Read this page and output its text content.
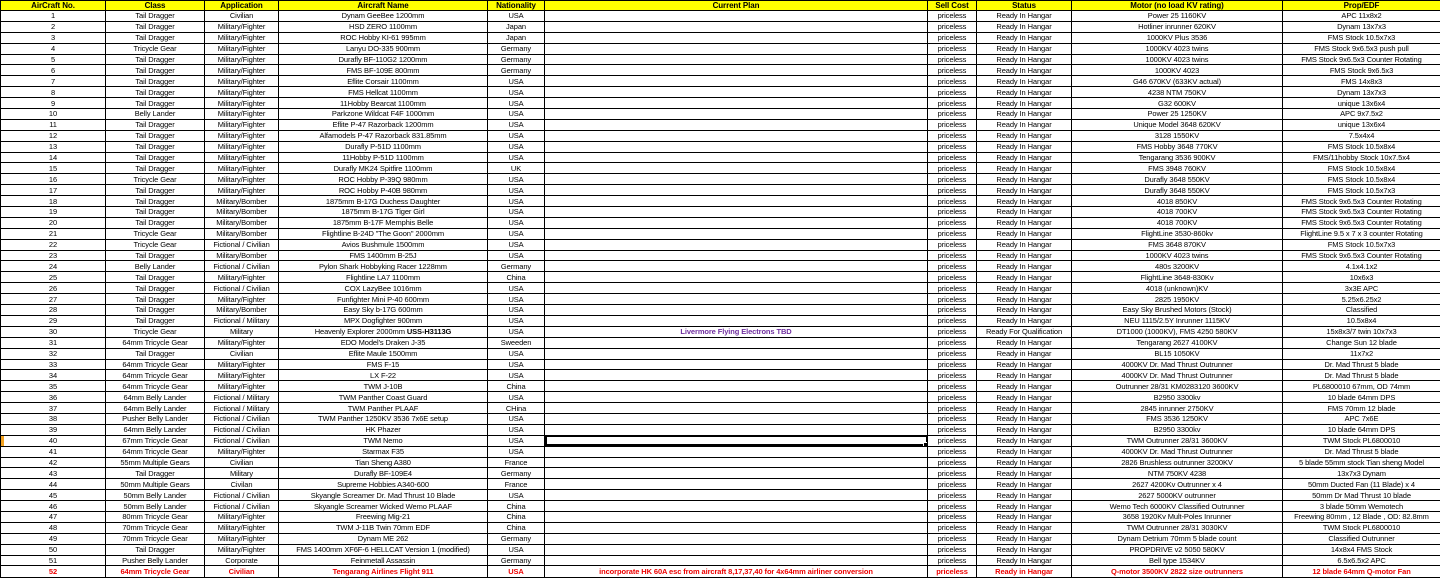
AirCraft No.	Class	Application	Aircraft Name	Nationality	Current Plan	Sell Cost	Status	Motor (no load KV rating)	Prop/EDF
1	Tail Dragger	Civilian	Dynam GeeBee 1200mm	USA		priceless	Ready In Hangar	Power 25 1160KV	APC 11x8x2
2	Tail Dragger	Military/Fighter	HSD ZERO 1100mm	Japan		priceless	Ready In Hangar	Hotliner inrunner 620KV	Dynam 13x7x3
3	Tail Dragger	Military/Fighter	ROC Hobby KI-61 995mm	Japan		priceless	Ready In Hangar	1000KV Plus 3536	FMS Stock 10.5x7x3
4	Tricycle Gear	Military/Fighter	Lanyu DO-335 900mm	Germany		priceless	Ready In Hangar	1000KV 4023 twins	FMS Stock 9x6.5x3 push pull
5	Tail Dragger	Military/Fighter	Durafly BF-110G2 1200mm	Germany		priceless	Ready In Hangar	1000KV 4023 twins	FMS Stock 9x6.5x3 Counter Rotating
6	Tail Dragger	Military/Fighter	FMS BF-109E 800mm	Germany		priceless	Ready In Hangar	1000KV 4023	FMS Stock 9x6.5x3
7	Tail Dragger	Military/Fighter	Eflite Corsair 1100mm	USA		priceless	Ready In Hangar	G46 670KV (633KV actual)	FMS 14x8x3
8	Tail Dragger	Military/Fighter	FMS Hellcat 1100mm	USA		priceless	Ready In Hangar	4238 NTM 750KV	Dynam 13x7x3
9	Tail Dragger	Military/Fighter	11Hobby Bearcat 1100mm	USA		priceless	Ready In Hangar	G32 600KV	unique 13x6x4
10	Belly Lander	Military/Fighter	Parkzone Wildcat F4F 1000mm	USA		priceless	Ready In Hangar	Power 25 1250KV	APC 9x7.5x2
11	Tail Dragger	Military/Fighter	Eflite P-47 Razorback 1200mm	USA		priceless	Ready In Hangar	Unique Model 3648 620KV	unique 13x6x4
12	Tail Dragger	Military/Fighter	Alfamodels P-47 Razorback 831.85mm	USA		priceless	Ready In Hangar	3128 1550KV	7.5x4x4
13	Tail Dragger	Military/Fighter	Durafly P-51D 1100mm	USA		priceless	Ready In Hangar	FMS Hobby 3648 770KV	FMS Stock 10.5x8x4
14	Tail Dragger	Military/Fighter	11Hobby P-51D 1100mm	USA		priceless	Ready In Hangar	Tengarang 3536 900KV	FMS/11hobby Stock 10x7.5x4
15	Tail Dragger	Military/Fighter	Durafly MK24 Spitfire 1100mm	UK		priceless	Ready In Hangar	FMS 3948 760KV	FMS Stock 10.5x8x4
16	Tricycle Gear	Military/Fighter	ROC Hobby P-39Q 980mm	USA		priceless	Ready In Hangar	Durafly 3648 550KV	FMS Stock 10.5x8x4
17	Tail Dragger	Military/Fighter	ROC Hobby P-40B 980mm	USA		priceless	Ready In Hangar	Durafly 3648 550KV	FMS Stock 10.5x7x3
18	Tail Dragger	Military/Bomber	1875mm B-17G Duchess Daughter	USA		priceless	Ready In Hangar	4018 850KV	FMS Stock 9x6.5x3 Counter Rotating
19	Tail Dragger	Military/Bomber	1875mm B-17G Tiger Girl	USA		priceless	Ready In Hangar	4018 700KV	FMS Stock 9x6.5x3 Counter Rotating
20	Tail Dragger	Military/Bomber	1875mm B-17F Memphis Belle	USA		priceless	Ready In Hangar	4018 700KV	FMS Stock 9x6.5x3 Counter Rotating
21	Tricycle Gear	Military/Bomber	Flightline B-24D "The Goon" 2000mm	USA		priceless	Ready In Hangar	FlightLine 3530-860kv	FlightLine 9.5 x 7 x 3 counter Rotating
22	Tricycle Gear	Fictional / Civilian	Avios Bushmule 1500mm	USA		priceless	Ready In Hangar	FMS 3648 870KV	FMS Stock 10.5x7x3
23	Tail Dragger	Military/Bomber	FMS 1400mm B-25J	USA		priceless	Ready In Hangar	1000KV 4023 twins	FMS Stock 9x6.5x3 Counter Rotating
24	Belly Lander	Fictional / Civilian	Pylon Shark Hobbyking Racer 1228mm	Germany		priceless	Ready In Hangar	480s 3200KV	4.1x4.1x2
25	Tail Dragger	Military/Fighter	Flightline LA7 1100mm	China		priceless	Ready In Hangar	FlightLine 3648-830Kv	10x6x3
26	Tail Dragger	Fictional / Civilian	COX LazyBee 1016mm	USA		priceless	Ready In Hangar	4018 (unknown)KV	3x3E APC
27	Tail Dragger	Military/Fighter	Funfighter Mini P-40 600mm	USA		priceless	Ready In Hangar	2825 1950KV	5.25x6.25x2
28	Tail Dragger	Military/Bomber	Easy Sky b-17G 600mm	USA		priceless	Ready In Hangar	Easy Sky Brushed Motors (Stock)	Classified
29	Tail Dragger	Fictional / Military	MPX Dogfighter 900mm	USA		priceless	Ready In Hangar	NEU 1115/2.5Y Inrunner 1115KV	10.5x8x4
30	Tricycle Gear	Military	Heavenly Explorer 2000mm USS-H3113G	USA	Livermore Flying Electrons TBD	priceless	Ready For Qualification	DT1000 (1000KV), FMS 4250 580KV	15x8x3/7 twin 10x7x3
31	64mm Tricycle Gear	Military/Fighter	EDO Model's Draken J-35	Sweeden		priceless	Ready In Hangar	Tengarang 2627 4100KV	Change Sun 12 blade
32	Tail Dragger	Civilian	Eflite Maule 1500mm	USA		priceless	Ready in Hangar	BL15 1050KV	11x7x2
33	64mm Tricycle Gear	Military/Fighter	FMS F-15	USA		priceless	Ready In Hangar	4000KV Dr. Mad Thrust Outrunner	Dr. Mad Thrust 5 blade
34	64mm Tricycle Gear	Military/Fighter	LX F-22	USA		priceless	Ready In Hangar	4000KV Dr. Mad Thrust Outrunner	Dr. Mad Thrust 5 blade
35	64mm Tricycle Gear	Military/Fighter	TWM J-10B	China		priceless	Ready In Hangar	Outrunner 28/31 KM0283120 3600KV	PL6800010 67mm, OD 74mm
36	64mm Belly Lander	Fictional / Military	TWM Panther Coast Guard	USA		priceless	Ready In Hangar	B2950 3300kv	10 blade 64mm DPS
37	64mm Belly Lander	Fictional / Military	TWM Panther PLAAF	CHina		priceless	Ready In Hangar	2845 inrunner 2750KV	FMS 70mm 12 blade
38	Pusher Belly Lander	Fictional / Civilian	TWM Panther 1250KV 3536 7x6E setup	USA		priceless	Ready In Hangar	FMS 3536 1250KV	APC 7x6E
39	64mm Belly Lander	Fictional / Civilian	HK Phazer	USA		priceless	Ready In Hangar	B2950 3300kv	10 blade 64mm DPS
40	67mm Tricycle Gear	Fictional / Civilian	TWM Nemo	USA		priceless	Ready In Hangar	TWM Outrunner 28/31 3600KV	TWM Stock PL6800010
41	64mm Tricycle Gear	Military/Fighter	Starmax F35	USA		priceless	Ready In Hangar	4000KV Dr. Mad Thrust Outrunner	Dr. Mad Thrust 5 blade
42	55mm Multiple Gears	Civilian	Tian Sheng A380	France		priceless	Ready In Hangar	2826 Brushless outrunner 3200KV	5 blade 55mm stock Tian sheng Model
43	Tail Dragger	Military	Durafly BF-109E4	Germany		priceless	Ready In Hangar	NTM 750KV 4238	13x7x3 Dynam
44	50mm Multiple Gears	Civilan	Supreme Hobbies A340-600	France		priceless	Ready In Hangar	2627 4200Kv Outrunner x 4	50mm Ducted Fan (11 Blade) x 4
45	50mm Belly Lander	Fictional / Civilian	Skyangle Screamer Dr. Mad Thrust 10 Blade	USA		priceless	Ready In Hangar	2627 5000KV outrunner	50mm Dr Mad Thrust 10 blade
46	50mm Belly Lander	Fictional / Civilian	Skyangle Screamer Wicked Wemo PLAAF	China		priceless	Ready In Hangar	Wemo Tech 6000KV Classified Outrunner	3 blade 50mm Wemotech
47	80mm Tricycle Gear	Military/Fighter	Freewing Mig-21	China		priceless	Ready In Hangar	3658 1920Kv Mult-Poles Inrunner	Freewing 80mm , 12 Blade , OD: 82.8mm
48	70mm Tricycle Gear	Military/Fighter	TWM J-11B Twin 70mm EDF	China		priceless	Ready In Hangar	TWM Outrunner 28/31 3030KV	TWM Stock PL6800010
49	70mm Tricycle Gear	Military/Fighter	Dynam ME 262	Germany		priceless	Ready In Hangar	Dynam Detrium 70mm 5 blade count	Classified Outrunner
50	Tail Dragger	Military/Fighter	FMS 1400mm XF6F-6 HELLCAT Version 1 (modified)	USA		priceless	Ready In Hangar	PROPDRIVE v2 5050 580KV	14x8x4 FMS Stock
51	Pusher Belly Lander	Corporate	Feinmetall Assassin	Germany		priceless	Ready In Hangar	Bell type 1534KV	6.5x6.5x2 APC
52	64mm Tricycle Gear	Civilian	Tengarang Airlines Flight 911	USA	incorporate HK 60A esc from aircraft 8,17,37,40 for 4x64mm airliner conversion	priceless	Ready in Hangar	Q-motor 3500KV 2822 size outrunners	12 blade 64mm Q-motor Fan
